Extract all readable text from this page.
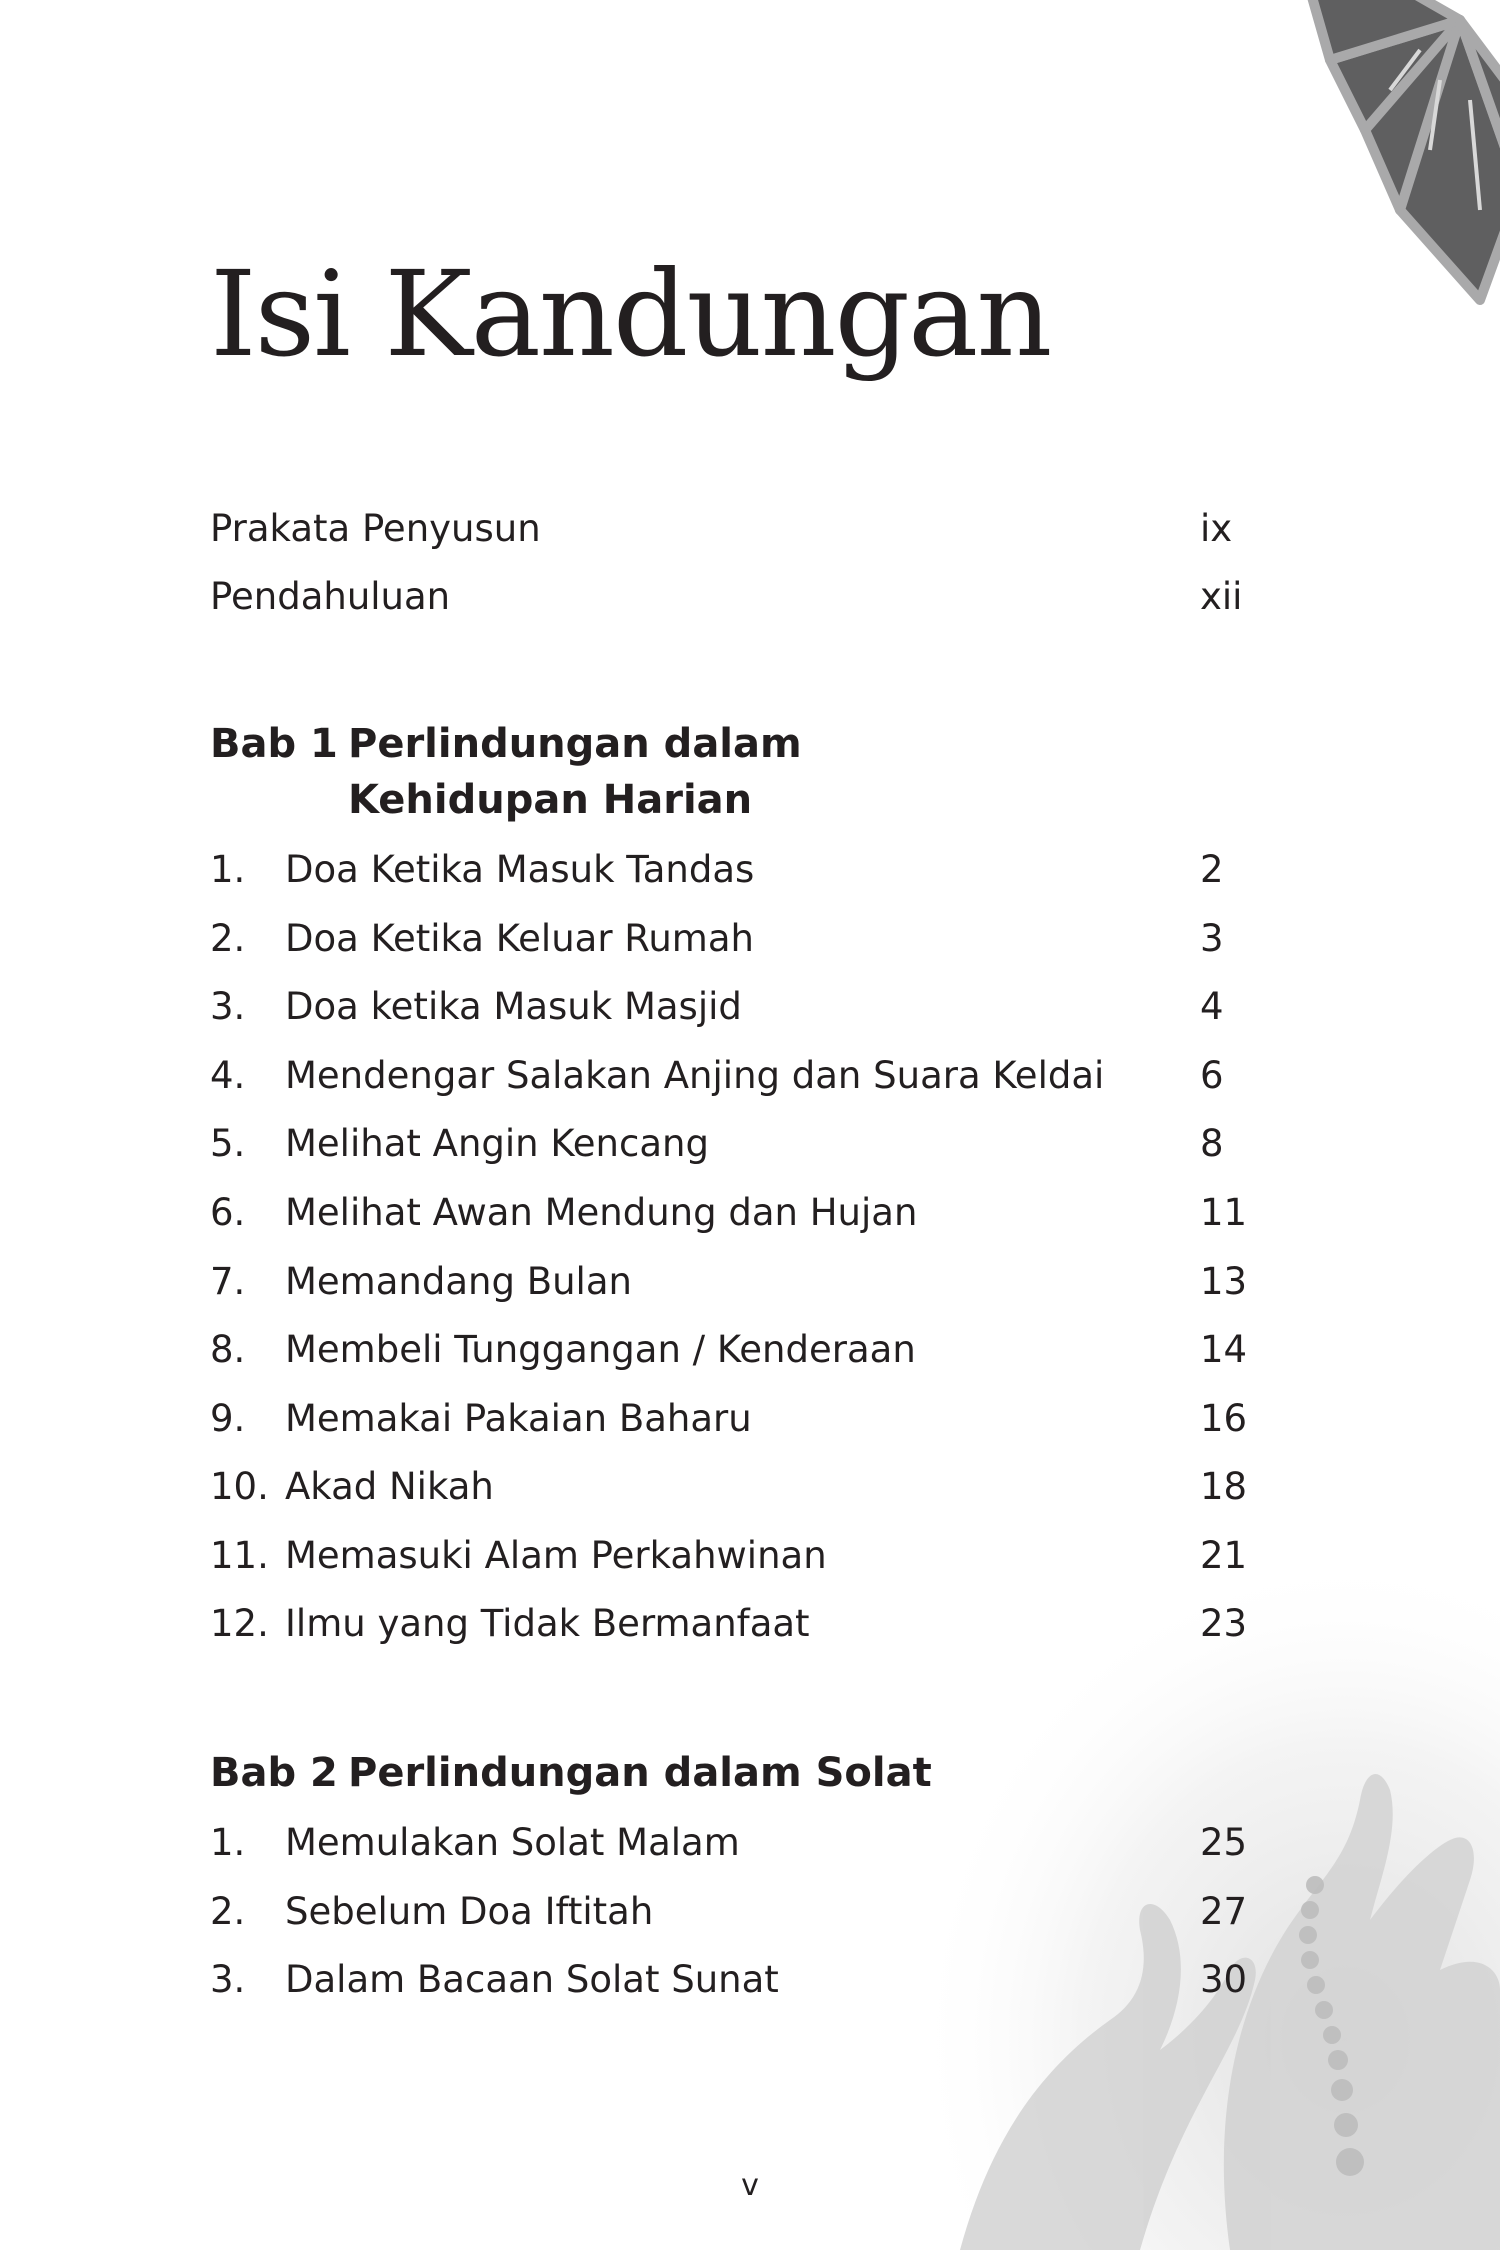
Isi Kandungan
Prakata Penyusun	ix
Pendahuluan	xii
Bab 1 Perlindungan dalam
Kehidupan Harian
1. Doa Ketika Masuk Tandas	2
2. Doa Ketika Keluar Rumah	3
3. Doa ketika Masuk Masjid	4
4. Mendengar Salakan Anjing dan Suara Keldai	6
5. Melihat Angin Kencang	8
6. Melihat Awan Mendung dan Hujan	11
7. Memandang Bulan	13
8. Membeli Tunggangan / Kenderaan	14
9. Memakai Pakaian Baharu	16
10. Akad Nikah	18
11. Memasuki Alam Perkahwinan	21
12. Ilmu yang Tidak Bermanfaat	23
Bab 2 Perlindungan dalam Solat
1. Memulakan Solat Malam	25
2. Sebelum Doa Iftitah	27
3. Dalam Bacaan Solat Sunat	30
v
